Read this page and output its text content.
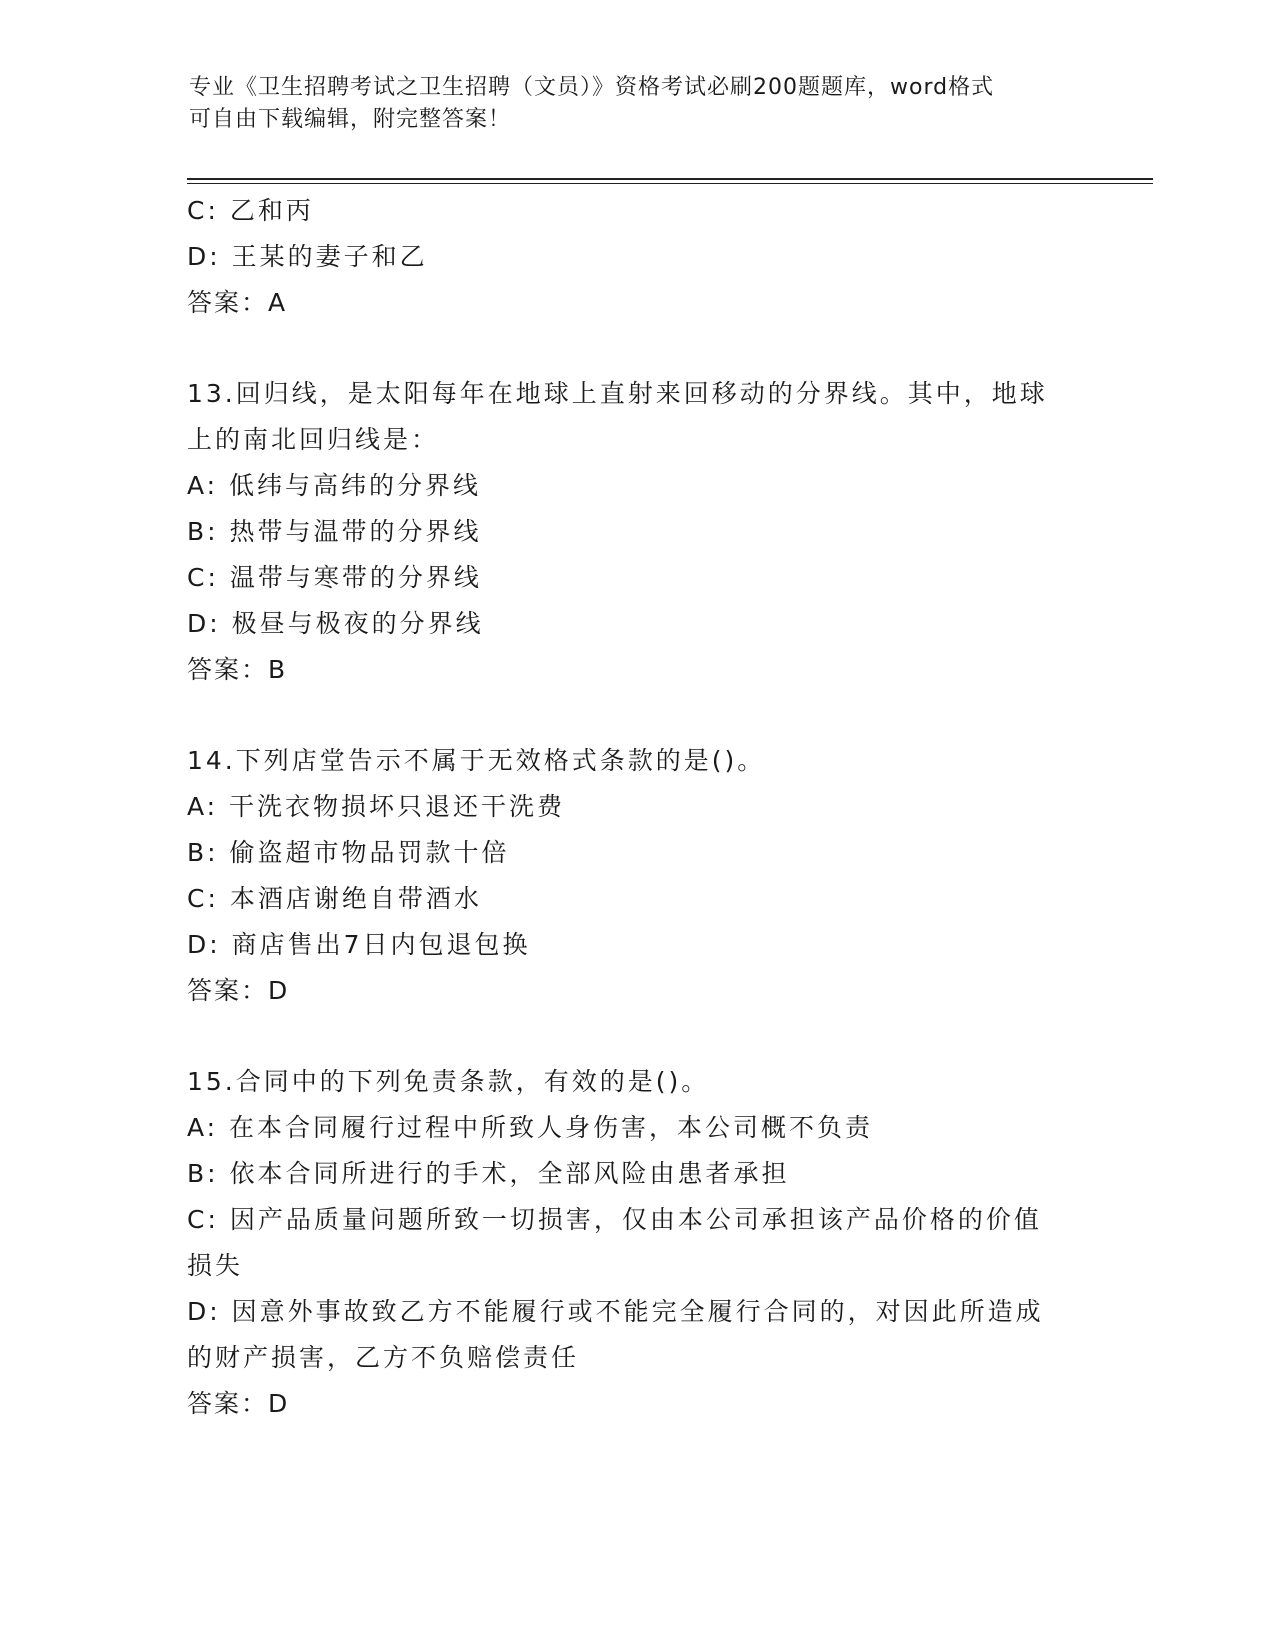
专业《卫生招聘考试之卫生招聘（文员）》资格考试必刷200题题库，word格式
可自由下载编辑，附完整答案！
C: 乙和丙
D: 王某的妻子和乙
答案：A
13.回归线，是太阳每年在地球上直射来回移动的分界线。其中，地球
上的南北回归线是：
A: 低纬与高纬的分界线
B: 热带与温带的分界线
C: 温带与寒带的分界线
D: 极昼与极夜的分界线
答案：B
14.下列店堂告示不属于无效格式条款的是()。
A: 干洗衣物损坏只退还干洗费
B: 偷盗超市物品罚款十倍
C: 本酒店谢绝自带酒水
D: 商店售出7日内包退包换
答案：D
15.合同中的下列免责条款，有效的是()。
A: 在本合同履行过程中所致人身伤害，本公司概不负责
B: 依本合同所进行的手术，全部风险由患者承担
C: 因产品质量问题所致一切损害，仅由本公司承担该产品价格的价值
损失
D: 因意外事故致乙方不能履行或不能完全履行合同的，对因此所造成
的财产损害，乙方不负赔偿责任
答案：D
